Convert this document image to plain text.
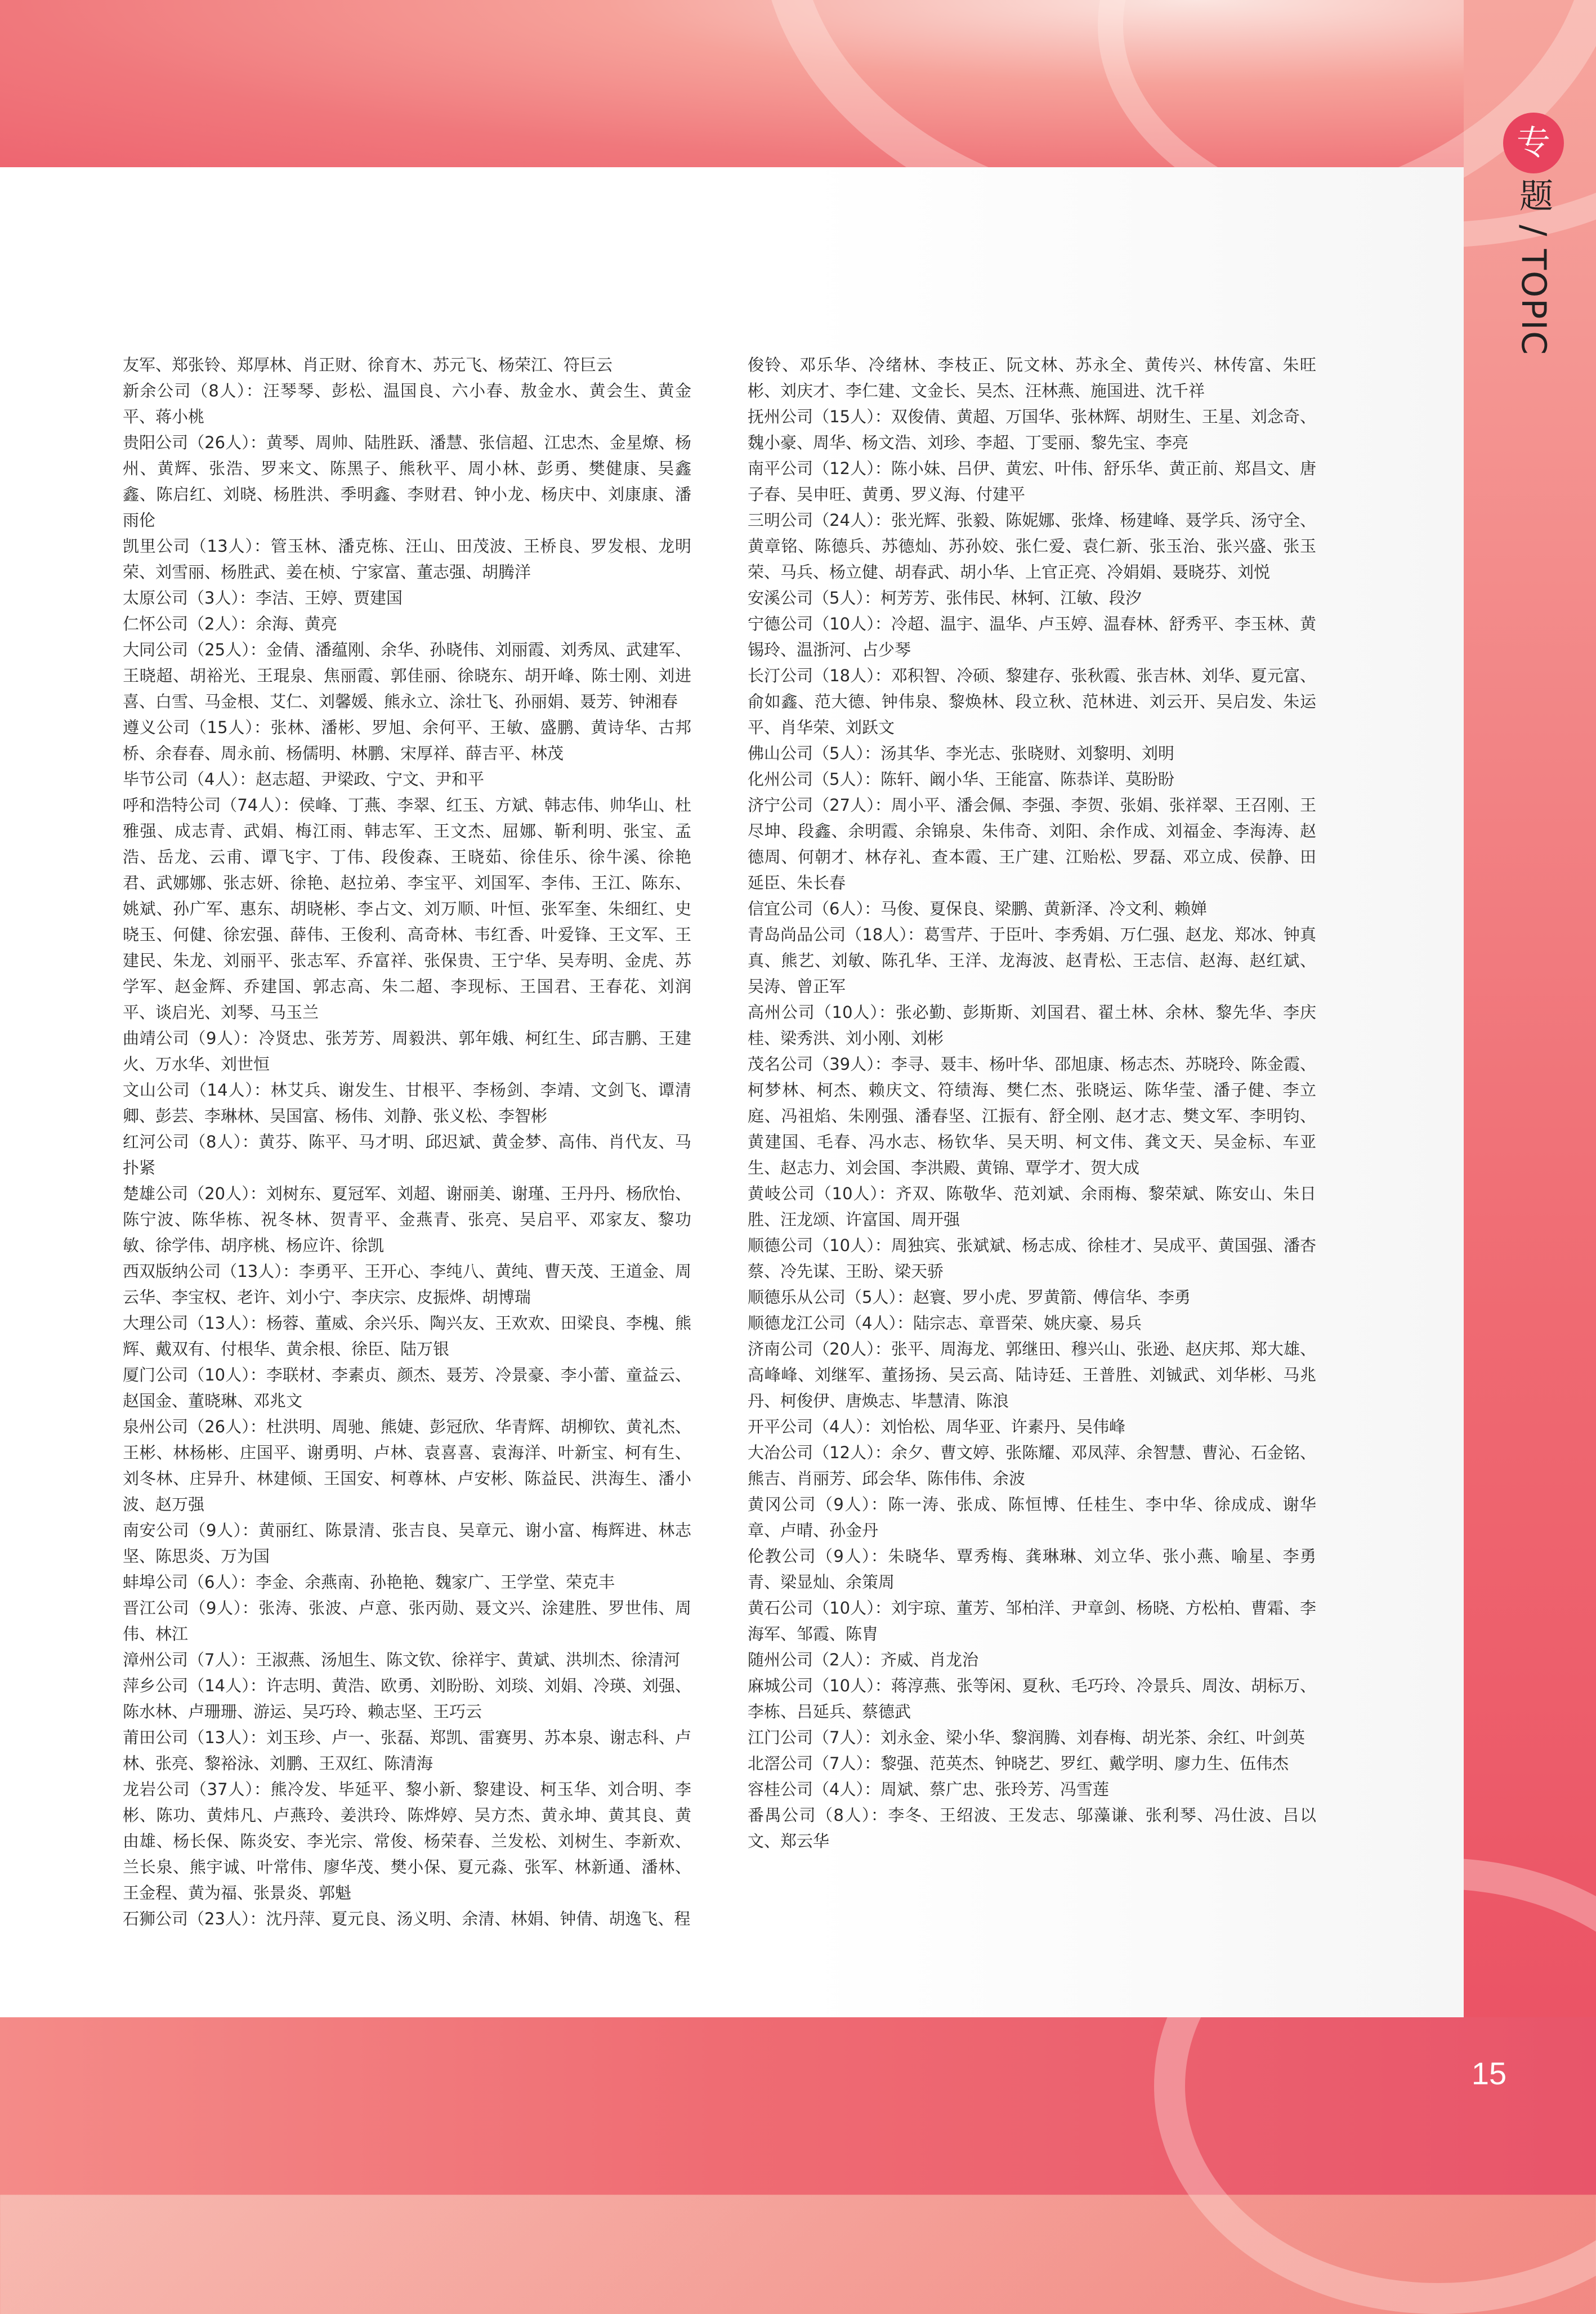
专
题 / TOPIC

友军、郑张铃、郑厚林、肖正财、徐育木、苏元飞、杨荣江、符巨云

新余公司（8人）：汪琴琴、彭松、温国良、六小春、敖金水、黄会生、黄金平、蒋小桃

贵阳公司（26人）：黄琴、周帅、陆胜跃、潘慧、张信超、江忠杰、金星燎、杨州、黄辉、张浩、罗来文、陈黑子、熊秋平、周小林、彭勇、樊健康、吴鑫鑫、陈启红、刘晓、杨胜洪、季明鑫、李财君、钟小龙、杨庆中、刘康康、潘雨伦

凯里公司（13人）：管玉林、潘克栋、汪山、田茂波、王桥良、罗发根、龙明荣、刘雪丽、杨胜武、姜在桢、宁家富、董志强、胡腾洋

太原公司（3人）：李洁、王婷、贾建国

仁怀公司（2人）：余海、黄亮

大同公司（25人）：金倩、潘蕴刚、余华、孙晓伟、刘丽霞、刘秀凤、武建军、王晓超、胡裕光、王琨泉、焦丽霞、郭佳丽、徐晓东、胡开峰、陈士刚、刘进喜、白雪、马金根、艾仁、刘馨媛、熊永立、涂壮飞、孙丽娟、聂芳、钟湘春

遵义公司（15人）：张林、潘彬、罗旭、余何平、王敏、盛鹏、黄诗华、古邦桥、余春春、周永前、杨儒明、林鹏、宋厚祥、薛吉平、林茂

毕节公司（4人）：赵志超、尹梁政、宁文、尹和平

呼和浩特公司（74人）：侯峰、丁燕、李翠、红玉、方斌、韩志伟、帅华山、杜雅强、成志青、武娟、梅江雨、韩志军、王文杰、屈娜、靳利明、张宝、孟浩、岳龙、云甫、谭飞宇、丁伟、段俊森、王晓茹、徐佳乐、徐牛溪、徐艳君、武娜娜、张志妍、徐艳、赵拉弟、李宝平、刘国军、李伟、王江、陈东、姚斌、孙广军、惠东、胡晓彬、李占文、刘万顺、叶恒、张军奎、朱细红、史晓玉、何健、徐宏强、薛伟、王俊利、高奇林、韦红香、叶爱锋、王文军、王建民、朱龙、刘丽平、张志军、乔富祥、张保贵、王宁华、吴寿明、金虎、苏学军、赵金辉、乔建国、郭志高、朱二超、李现标、王国君、王春花、刘润平、谈启光、刘琴、马玉兰

曲靖公司（9人）：冷贤忠、张芳芳、周毅洪、郭年娥、柯红生、邱吉鹏、王建火、万水华、刘世恒

文山公司（14人）：林艾兵、谢发生、甘根平、李杨剑、李靖、文剑飞、谭清卿、彭芸、李琳林、吴国富、杨伟、刘静、张义松、李智彬

红河公司（8人）：黄芬、陈平、马才明、邱迟斌、黄金梦、高伟、肖代友、马扑紧

楚雄公司（20人）：刘树东、夏冠军、刘超、谢丽美、谢瑾、王丹丹、杨欣怡、陈宁波、陈华栋、祝冬林、贺青平、金燕青、张亮、吴启平、邓家友、黎功敏、徐学伟、胡序桃、杨应许、徐凯

西双版纳公司（13人）：李勇平、王开心、李纯八、黄纯、曹天茂、王道金、周云华、李宝权、老许、刘小宁、李庆宗、皮振烨、胡博瑞

大理公司（13人）：杨蓉、董威、余兴乐、陶兴友、王欢欢、田梁良、李槐、熊辉、戴双有、付根华、黄余根、徐臣、陆万银

厦门公司（10人）：李联材、李素贞、颜杰、聂芳、冷景豪、李小蕾、童益云、赵国金、董晓琳、邓兆文

泉州公司（26人）：杜洪明、周驰、熊婕、彭冠欣、华青辉、胡柳钦、黄礼杰、王彬、林杨彬、庄国平、谢勇明、卢林、袁喜喜、袁海洋、叶新宝、柯有生、刘冬林、庄异升、林建倾、王国安、柯尊林、卢安彬、陈益民、洪海生、潘小波、赵万强

南安公司（9人）：黄丽红、陈景清、张吉良、吴章元、谢小富、梅辉进、林志坚、陈思炎、万为国

蚌埠公司（6人）：李金、余燕南、孙艳艳、魏家广、王学堂、荣克丰

晋江公司（9人）：张涛、张波、卢意、张丙勋、聂文兴、涂建胜、罗世伟、周伟、林江

漳州公司（7人）：王淑燕、汤旭生、陈文钦、徐祥宇、黄斌、洪圳杰、徐清河

萍乡公司（14人）：许志明、黄浩、欧勇、刘盼盼、刘琰、刘娟、冷瑛、刘强、陈水林、卢珊珊、游运、吴巧玲、赖志坚、王巧云

莆田公司（13人）：刘玉珍、卢一、张磊、郑凯、雷赛男、苏本泉、谢志科、卢林、张亮、黎裕泳、刘鹏、王双红、陈清海

龙岩公司（37人）：熊冷发、毕延平、黎小新、黎建设、柯玉华、刘合明、李彬、陈功、黄炜凡、卢燕玲、姜洪玲、陈烨婷、吴方杰、黄永坤、黄其良、黄由雄、杨长保、陈炎安、李光宗、常俊、杨荣春、兰发松、刘树生、李新欢、兰长泉、熊宇诚、叶常伟、廖华茂、樊小保、夏元淼、张军、林新通、潘林、王金程、黄为福、张景炎、郭魁

石狮公司（23人）：沈丹萍、夏元良、汤义明、余清、林娟、钟倩、胡逸飞、程

俊铃、邓乐华、冷绪林、李枝正、阮文林、苏永全、黄传兴、林传富、朱旺彬、刘庆才、李仁建、文金长、吴杰、汪林燕、施国进、沈千祥

抚州公司（15人）：双俊倩、黄超、万国华、张林辉、胡财生、王星、刘念奇、魏小豪、周华、杨文浩、刘珍、李超、丁雯丽、黎先宝、李亮

南平公司（12人）：陈小妹、吕伊、黄宏、叶伟、舒乐华、黄正前、郑昌文、唐子春、吴申旺、黄勇、罗义海、付建平

三明公司（24人）：张光辉、张毅、陈妮娜、张烽、杨建峰、聂学兵、汤守全、黄章铭、陈德兵、苏德灿、苏孙姣、张仁爱、袁仁新、张玉治、张兴盛、张玉荣、马兵、杨立健、胡春武、胡小华、上官正亮、冷娟娟、聂晓芬、刘悦

安溪公司（5人）：柯芳芳、张伟民、林轲、江敏、段汐

宁德公司（10人）：冷超、温宇、温华、卢玉婷、温春林、舒秀平、李玉林、黄锡玲、温浙河、占少琴

长汀公司（18人）：邓积智、冷硕、黎建存、张秋霞、张吉林、刘华、夏元富、俞如鑫、范大德、钟伟泉、黎焕林、段立秋、范林进、刘云开、吴启发、朱运平、肖华荣、刘跃文

佛山公司（5人）：汤其华、李光志、张晓财、刘黎明、刘明

化州公司（5人）：陈轩、阚小华、王能富、陈恭详、莫盼盼

济宁公司（27人）：周小平、潘会佩、李强、李贺、张娟、张祥翠、王召刚、王尽坤、段鑫、余明霞、余锦泉、朱伟奇、刘阳、余作成、刘福金、李海涛、赵德周、何朝才、林存礼、查本霞、王广建、江贻松、罗磊、邓立成、侯静、田延臣、朱长春

信宜公司（6人）：马俊、夏保良、梁鹏、黄新泽、冷文利、赖婵

青岛尚品公司（18人）：葛雪芹、于臣叶、李秀娟、万仁强、赵龙、郑冰、钟真真、熊艺、刘敏、陈孔华、王洋、龙海波、赵青松、王志信、赵海、赵红斌、吴涛、曾正军

高州公司（10人）：张必勤、彭斯斯、刘国君、翟土林、余林、黎先华、李庆桂、梁秀洪、刘小刚、刘彬

茂名公司（39人）：李寻、聂丰、杨叶华、邵旭康、杨志杰、苏晓玲、陈金霞、柯梦林、柯杰、赖庆文、符绩海、樊仁杰、张晓运、陈华莹、潘子健、李立庭、冯祖焰、朱刚强、潘春坚、江振有、舒全刚、赵才志、樊文军、李明钧、黄建国、毛春、冯水志、杨钦华、吴天明、柯文伟、龚文天、吴金标、车亚生、赵志力、刘会国、李洪殿、黄锦、覃学才、贺大成

黄岐公司（10人）：齐双、陈敬华、范刘斌、余雨梅、黎荣斌、陈安山、朱日胜、汪龙颂、许富国、周开强

顺德公司（10人）：周独宾、张斌斌、杨志成、徐桂才、吴成平、黄国强、潘杏蔡、冷先谋、王盼、梁天骄

顺德乐从公司（5人）：赵寰、罗小虎、罗黄箭、傅信华、李勇

顺德龙江公司（4人）：陆宗志、章晋荣、姚庆豪、易兵

济南公司（20人）：张平、周海龙、郭继田、穆兴山、张逊、赵庆邦、郑大雄、高峰峰、刘继军、董扬扬、吴云高、陆诗廷、王普胜、刘铖武、刘华彬、马兆丹、柯俊伊、唐焕志、毕慧清、陈浪

开平公司（4人）：刘怡松、周华亚、许素丹、吴伟峰

大冶公司（12人）：余夕、曹文婷、张陈耀、邓凤萍、余智慧、曹沁、石金铭、熊吉、肖丽芳、邱会华、陈伟伟、余波

黄冈公司（9人）：陈一涛、张成、陈恒博、任桂生、李中华、徐成成、谢华章、卢晴、孙金丹

伦教公司（9人）：朱晓华、覃秀梅、龚琳琳、刘立华、张小燕、喻星、李勇青、梁显灿、余策周

黄石公司（10人）：刘宇琼、董芳、邹柏洋、尹章剑、杨晓、方松柏、曹霜、李海军、邹霞、陈胄

随州公司（2人）：齐威、肖龙治

麻城公司（10人）：蒋淳燕、张等闲、夏秋、毛巧玲、冷景兵、周汝、胡标万、李栋、吕延兵、蔡德武

江门公司（7人）：刘永金、梁小华、黎润腾、刘春梅、胡光茶、余红、叶剑英

北滘公司（7人）：黎强、范英杰、钟晓艺、罗红、戴学明、廖力生、伍伟杰

容桂公司（4人）：周斌、蔡广忠、张玲芳、冯雪莲

番禺公司（8人）：李冬、王绍波、王发志、邬藻谦、张利琴、冯仕波、吕以文、郑云华

15
